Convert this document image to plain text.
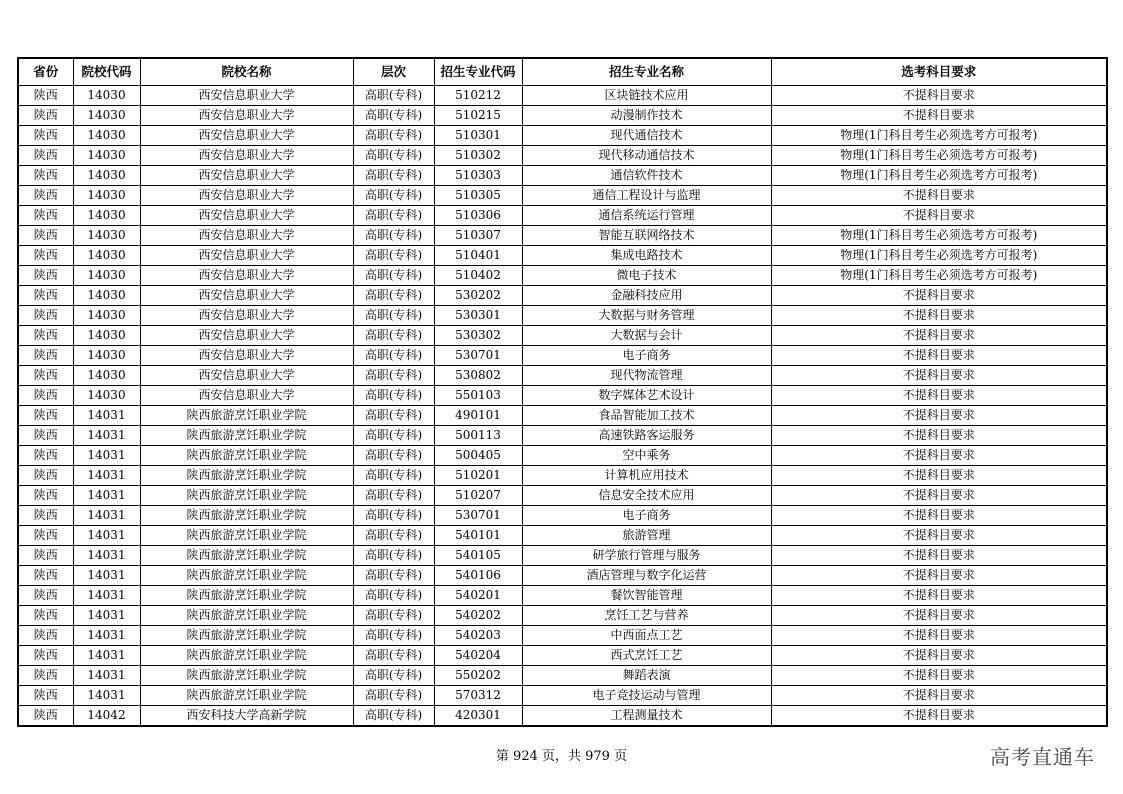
省份	院校代码	院校名称	层次	招生专业代码	招生专业名称	选考科目要求
陕西	14030	西安信息职业大学	高职(专科)	510212	区块链技术应用	不提科目要求
陕西	14030	西安信息职业大学	高职(专科)	510215	动漫制作技术	不提科目要求
陕西	14030	西安信息职业大学	高职(专科)	510301	现代通信技术	物理(1门科目考生必须选考方可报考)
陕西	14030	西安信息职业大学	高职(专科)	510302	现代移动通信技术	物理(1门科目考生必须选考方可报考)
陕西	14030	西安信息职业大学	高职(专科)	510303	通信软件技术	物理(1门科目考生必须选考方可报考)
陕西	14030	西安信息职业大学	高职(专科)	510305	通信工程设计与监理	不提科目要求
陕西	14030	西安信息职业大学	高职(专科)	510306	通信系统运行管理	不提科目要求
陕西	14030	西安信息职业大学	高职(专科)	510307	智能互联网络技术	物理(1门科目考生必须选考方可报考)
陕西	14030	西安信息职业大学	高职(专科)	510401	集成电路技术	物理(1门科目考生必须选考方可报考)
陕西	14030	西安信息职业大学	高职(专科)	510402	微电子技术	物理(1门科目考生必须选考方可报考)
陕西	14030	西安信息职业大学	高职(专科)	530202	金融科技应用	不提科目要求
陕西	14030	西安信息职业大学	高职(专科)	530301	大数据与财务管理	不提科目要求
陕西	14030	西安信息职业大学	高职(专科)	530302	大数据与会计	不提科目要求
陕西	14030	西安信息职业大学	高职(专科)	530701	电子商务	不提科目要求
陕西	14030	西安信息职业大学	高职(专科)	530802	现代物流管理	不提科目要求
陕西	14030	西安信息职业大学	高职(专科)	550103	数字媒体艺术设计	不提科目要求
陕西	14031	陕西旅游烹饪职业学院	高职(专科)	490101	食品智能加工技术	不提科目要求
陕西	14031	陕西旅游烹饪职业学院	高职(专科)	500113	高速铁路客运服务	不提科目要求
陕西	14031	陕西旅游烹饪职业学院	高职(专科)	500405	空中乘务	不提科目要求
陕西	14031	陕西旅游烹饪职业学院	高职(专科)	510201	计算机应用技术	不提科目要求
陕西	14031	陕西旅游烹饪职业学院	高职(专科)	510207	信息安全技术应用	不提科目要求
陕西	14031	陕西旅游烹饪职业学院	高职(专科)	530701	电子商务	不提科目要求
陕西	14031	陕西旅游烹饪职业学院	高职(专科)	540101	旅游管理	不提科目要求
陕西	14031	陕西旅游烹饪职业学院	高职(专科)	540105	研学旅行管理与服务	不提科目要求
陕西	14031	陕西旅游烹饪职业学院	高职(专科)	540106	酒店管理与数字化运营	不提科目要求
陕西	14031	陕西旅游烹饪职业学院	高职(专科)	540201	餐饮智能管理	不提科目要求
陕西	14031	陕西旅游烹饪职业学院	高职(专科)	540202	烹饪工艺与营养	不提科目要求
陕西	14031	陕西旅游烹饪职业学院	高职(专科)	540203	中西面点工艺	不提科目要求
陕西	14031	陕西旅游烹饪职业学院	高职(专科)	540204	西式烹饪工艺	不提科目要求
陕西	14031	陕西旅游烹饪职业学院	高职(专科)	550202	舞蹈表演	不提科目要求
陕西	14031	陕西旅游烹饪职业学院	高职(专科)	570312	电子竞技运动与管理	不提科目要求
陕西	14042	西安科技大学高新学院	高职(专科)	420301	工程测量技术	不提科目要求
第 924 页，共 979 页	高考直通车
